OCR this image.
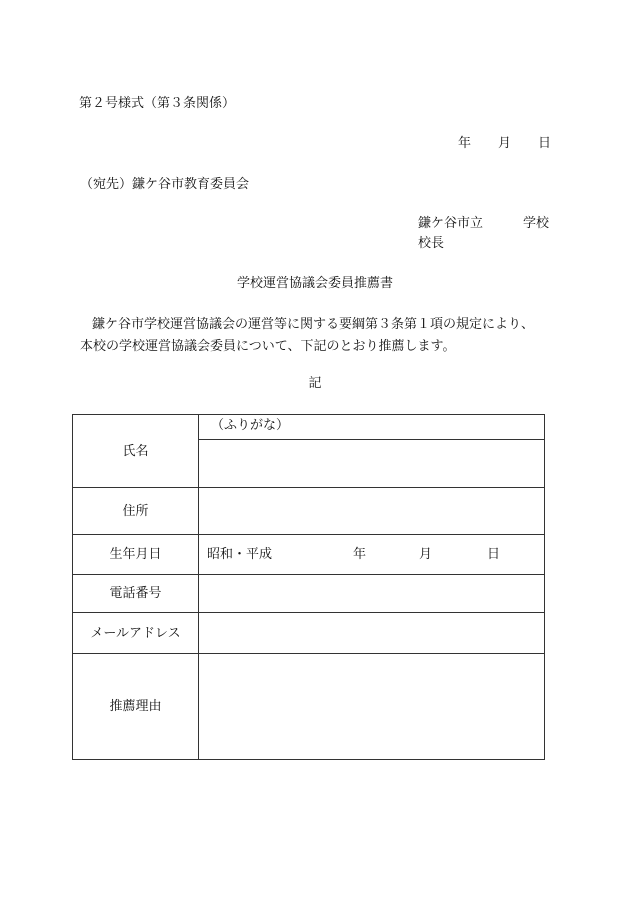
第２号様式（第３条関係）
年 月 日
（宛先）鎌ケ谷市教育委員会
鎌ケ谷市立	学校
校長
学校運営協議会委員推薦書
鎌ケ谷市学校運営協議会の運営等に関する要綱第３条第１項の規定により、
本校の学校運営協議会委員について、下記のとおり推薦します。
記
氏名	（ふりがな）

住所	
生年月日	昭和・平成 年 月 日
電話番号	
メールアドレス	
推薦理由	
